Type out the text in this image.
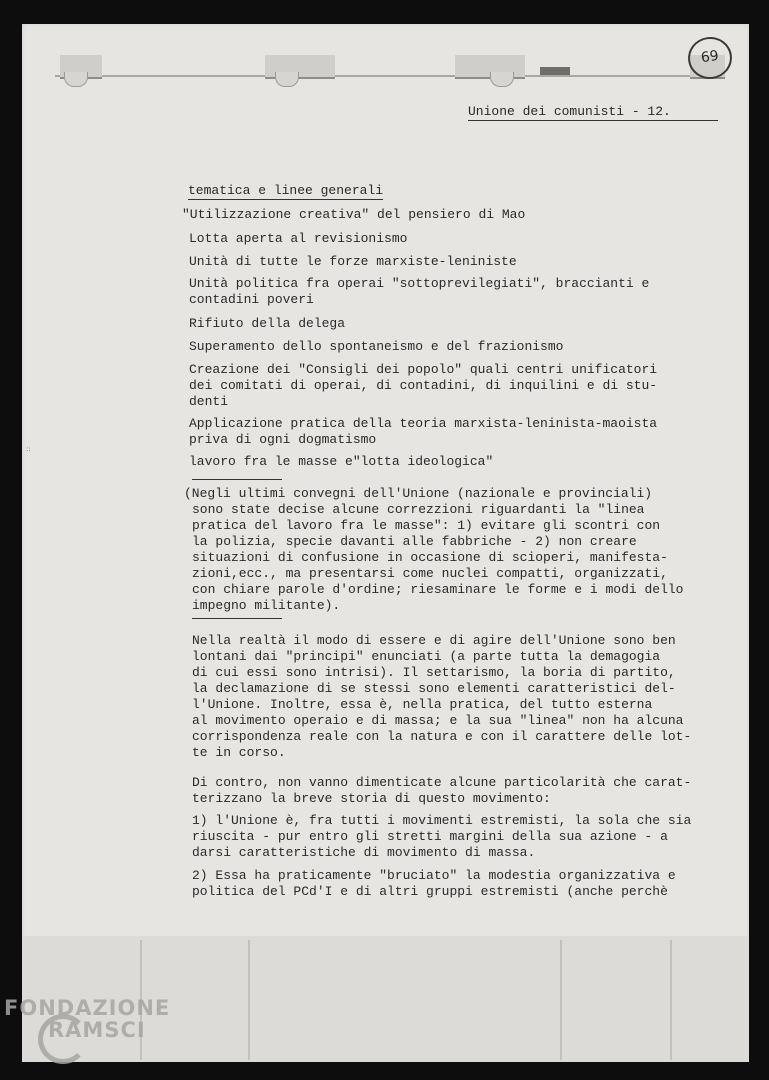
69
Unione dei comunisti - 12.
tematica e linee generali
::
"Utilizzazione creativa" del pensiero di Mao
Lotta aperta al revisionismo
Unità di tutte le forze marxiste-leniniste
Unità politica fra operai "sottoprevilegiati", braccianti e
contadini poveri
Rifiuto della delega
Superamento dello spontaneismo e del frazionismo
Creazione dei "Consigli dei popolo" quali centri unificatori
dei comitati di operai, di contadini, di inquilini e di stu-
denti
Applicazione pratica della teoria marxista-leninista-maoista
priva di ogni dogmatismo
lavoro fra le masse e"lotta ideologica"
(Negli ultimi convegni dell'Unione (nazionale e provinciali)
sono state decise alcune correzzioni riguardanti la "linea
pratica del lavoro fra le masse": 1) evitare gli scontri con
la polizia, specie davanti alle fabbriche - 2) non creare
situazioni di confusione in occasione di scioperi, manifesta-
zioni,ecc., ma presentarsi come nuclei compatti, organizzati,
con chiare parole d'ordine; riesaminare le forme e i modi dello
impegno militante).
Nella realtà il modo di essere e di agire dell'Unione sono ben
lontani dai "principi" enunciati (a parte tutta la demagogia
di cui essi sono intrisi). Il settarismo, la boria di partito,
la declamazione di se stessi sono elementi caratteristici del-
l'Unione. Inoltre, essa è, nella pratica, del tutto esterna
al movimento operaio e di massa; e la sua "linea" non ha alcuna
corrispondenza reale con la natura e con il carattere delle lot-
te in corso.
Di contro, non vanno dimenticate alcune particolarità che carat-
terizzano la breve storia di questo movimento:
1) l'Unione è, fra tutti i movimenti estremisti, la sola che sia
riuscita - pur entro gli stretti margini della sua azione - a
darsi caratteristiche di movimento di massa.
2) Essa ha praticamente "bruciato" la modestia organizzativa e
politica del PCd'I e di altri gruppi estremisti (anche perchè
FONDAZIONE
RAMSCI
